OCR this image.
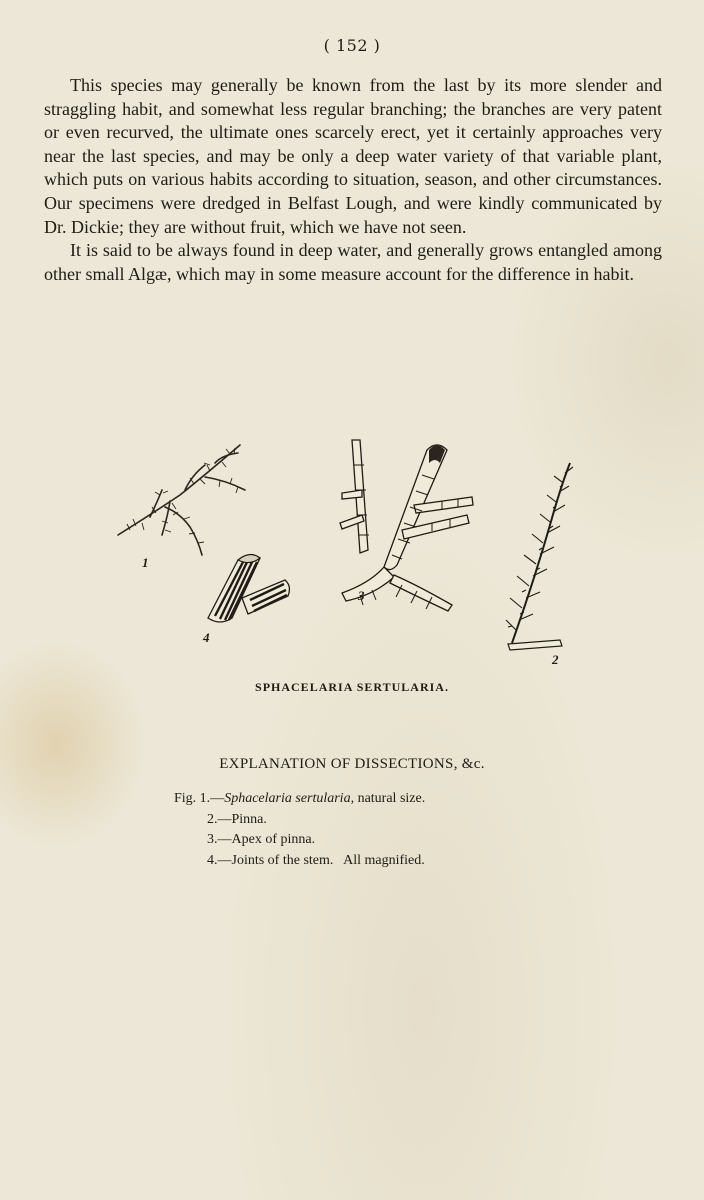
( 152 )

This species may generally be known from the last by its more slender and straggling habit, and somewhat less regular branching; the branches are very patent or even recurved, the ultimate ones scarcely erect, yet it certainly approaches very near the last species, and may be only a deep water variety of that variable plant, which puts on various habits according to situation, season, and other circumstances. Our specimens were dredged in Belfast Lough, and were kindly communicated by Dr. Dickie; they are without fruit, which we have not seen.

It is said to be always found in deep water, and generally grows entangled among other small Algæ, which may in some measure account for the difference in habit.

1
4
3
2
SPHACELARIA SERTULARIA.
EXPLANATION OF DISSECTIONS, &c.
Fig. 1.—Sphacelaria sertularia, natural size.
2.—Pinna.
3.—Apex of pinna.
4.—Joints of the stem.   All magnified.
